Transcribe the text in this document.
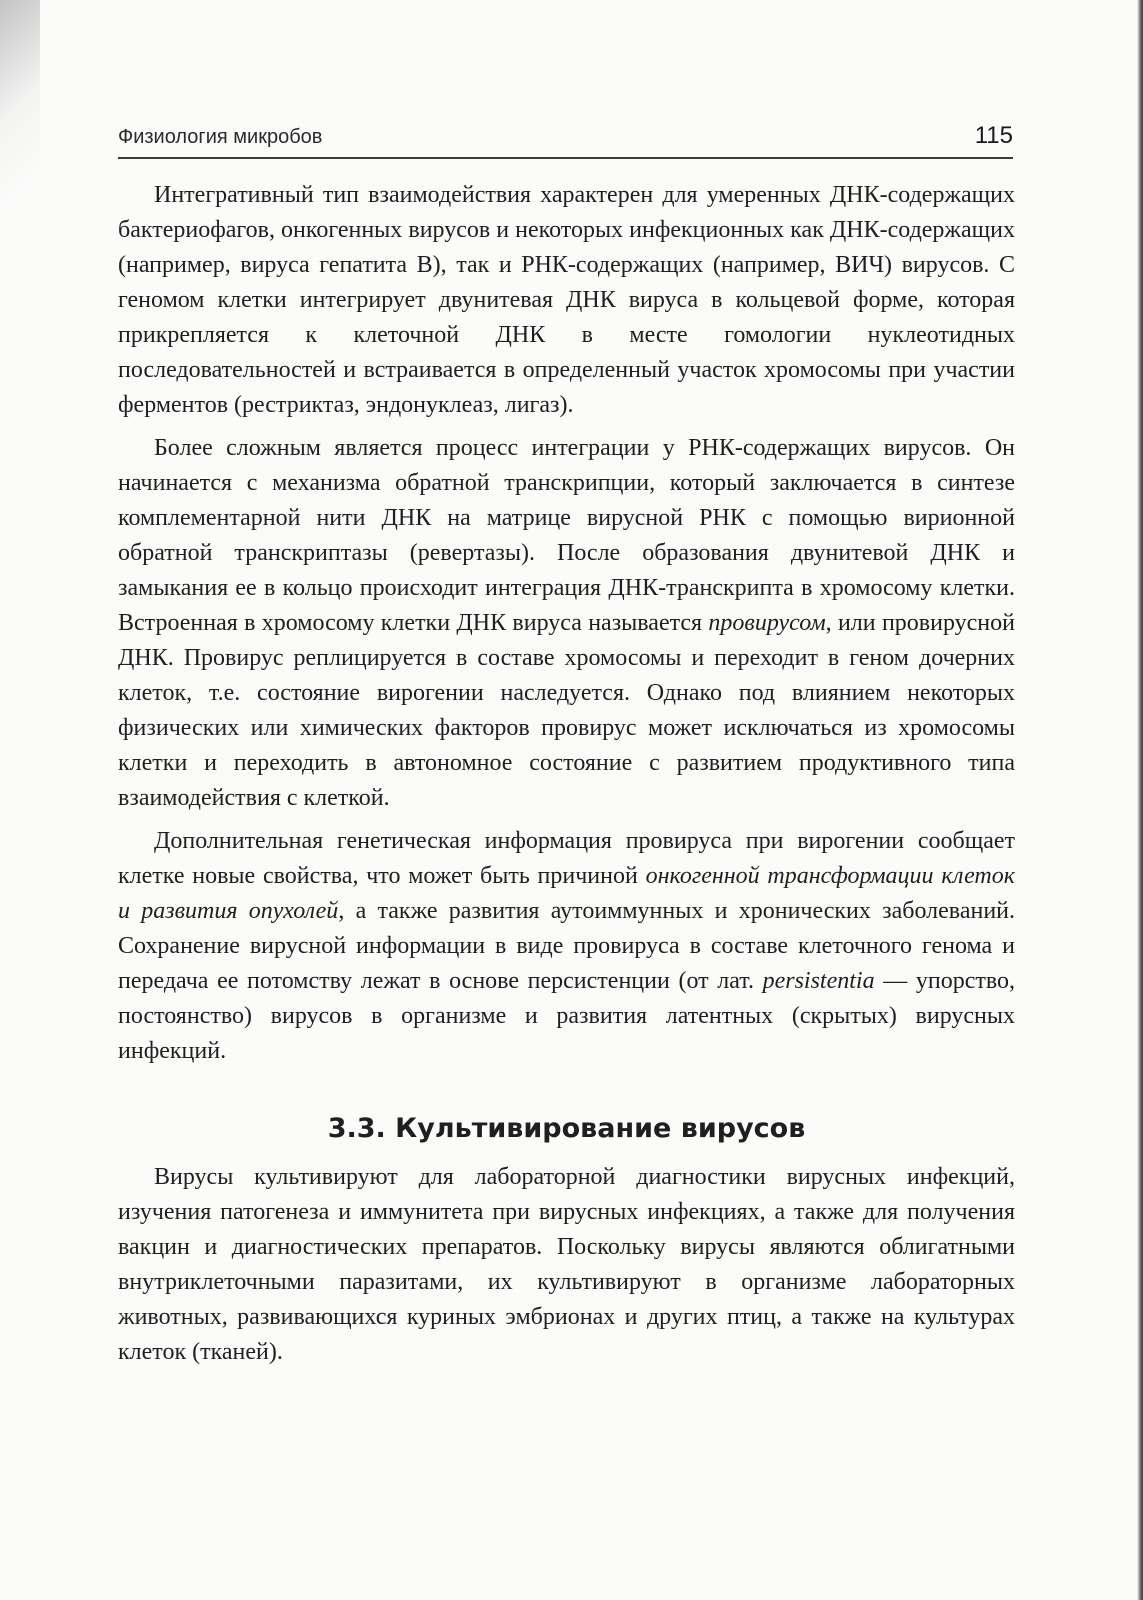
Физиология микробов	115

Интегративный тип взаимодействия характерен для умеренных ДНК-содержащих бактериофагов, онкогенных вирусов и некоторых инфекционных как ДНК-содержащих (например, вируса гепатита В), так и РНК-содержащих (например, ВИЧ) вирусов. С геномом клетки интегрирует двунитевая ДНК вируса в кольцевой форме, которая прикрепляется к клеточной ДНК в месте гомологии нуклеотидных последовательностей и встраивается в определенный участок хромосомы при участии ферментов (рестриктаз, эндонуклеаз, лигаз).

Более сложным является процесс интеграции у РНК-содержащих вирусов. Он начинается с механизма обратной транскрипции, который заключается в синтезе комплементарной нити ДНК на матрице вирусной РНК с помощью вирионной обратной транскриптазы (ревертазы). После образования двунитевой ДНК и замыкания ее в кольцо происходит интеграция ДНК-транскрипта в хромосому клетки. Встроенная в хромосому клетки ДНК вируса называется провирусом, или провирусной ДНК. Провирус реплицируется в составе хромосомы и переходит в геном дочерних клеток, т.е. состояние вирогении наследуется. Однако под влиянием некоторых физических или химических факторов провирус может исключаться из хромосомы клетки и переходить в автономное состояние с развитием продуктивного типа взаимодействия с клеткой.

Дополнительная генетическая информация провируса при вирогении сообщает клетке новые свойства, что может быть причиной онкогенной трансформации клеток и развития опухолей, а также развития аутоиммунных и хронических заболеваний. Сохранение вирусной информации в виде провируса в составе клеточного генома и передача ее потомству лежат в основе персистенции (от лат. persistentia — упорство, постоянство) вирусов в организме и развития латентных (скрытых) вирусных инфекций.

3.3. Культивирование вирусов

Вирусы культивируют для лабораторной диагностики вирусных инфекций, изучения патогенеза и иммунитета при вирусных инфекциях, а также для получения вакцин и диагностических препаратов. Поскольку вирусы являются облигатными внутриклеточными паразитами, их культивируют в организме лабораторных животных, развивающихся куриных эмбрионах и других птиц, а также на культурах клеток (тканей).
